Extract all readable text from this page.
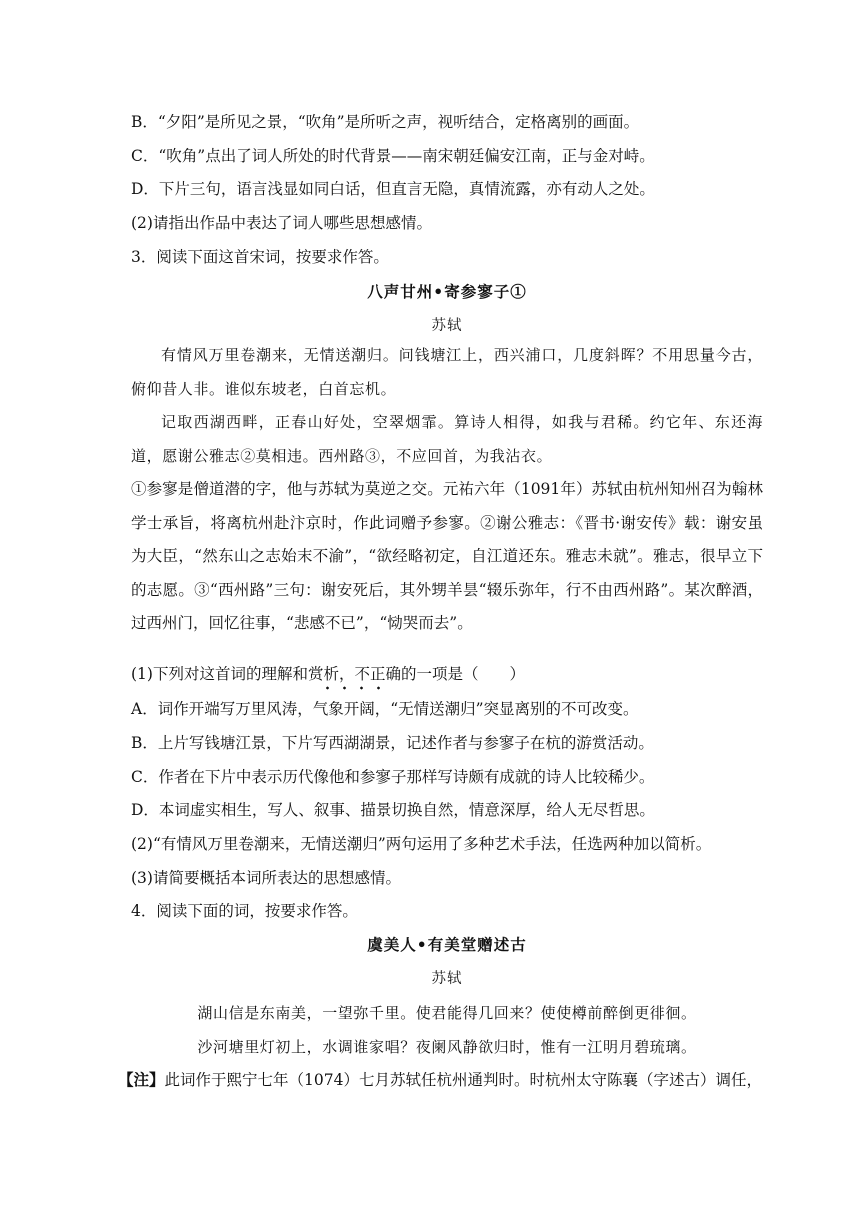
B．“夕阳”是所见之景，“吹角”是所听之声，视听结合，定格离别的画面。
C．“吹角”点出了词人所处的时代背景——南宋朝廷偏安江南，正与金对峙。
D．下片三句，语言浅显如同白话，但直言无隐，真情流露，亦有动人之处。
(2)请指出作品中表达了词人哪些思想感情。
3．阅读下面这首宋词，按要求作答。
八声甘州•寄参寥子①
苏轼
有情风万里卷潮来，无情送潮归。问钱塘江上，西兴浦口，几度斜晖？不用思量今古，俯仰昔人非。谁似东坡老，白首忘机。
记取西湖西畔，正春山好处，空翠烟霏。算诗人相得，如我与君稀。约它年、东还海道，愿谢公雅志②莫相违。西州路③，不应回首，为我沾衣。
①参寥是僧道潜的字，他与苏轼为莫逆之交。元祐六年（1091年）苏轼由杭州知州召为翰林学士承旨，将离杭州赴汴京时，作此词赠予参寥。②谢公雅志：《晋书·谢安传》载：谢安虽为大臣，“然东山之志始末不渝”，“欲经略初定，自江道还东。雅志未就”。雅志，很早立下的志愿。③“西州路”三句：谢安死后，其外甥羊昙“辍乐弥年，行不由西州路”。某次醉酒，过西州门，回忆往事，“悲感不已”，“恸哭而去”。
(1)下列对这首词的理解和赏析，不正确的一项是（　　）
A．词作开端写万里风涛，气象开阔，“无情送潮归”突显离别的不可改变。
B．上片写钱塘江景，下片写西湖湖景，记述作者与参寥子在杭的游赏活动。
C．作者在下片中表示历代像他和参寥子那样写诗颇有成就的诗人比较稀少。
D．本词虚实相生，写人、叙事、描景切换自然，情意深厚，给人无尽哲思。
(2)“有情风万里卷潮来，无情送潮归”两句运用了多种艺术手法，任选两种加以简析。
(3)请简要概括本词所表达的思想感情。
4．阅读下面的词，按要求作答。
虞美人•有美堂赠述古
苏轼
湖山信是东南美，一望弥千里。使君能得几回来？使使樽前醉倒更徘徊。
沙河塘里灯初上，水调谁家唱？夜阑风静欲归时，惟有一江明月碧琉璃。
【注】此词作于熙宁七年（1074）七月苏轼任杭州通判时。时杭州太守陈襄（字述古）调任，
